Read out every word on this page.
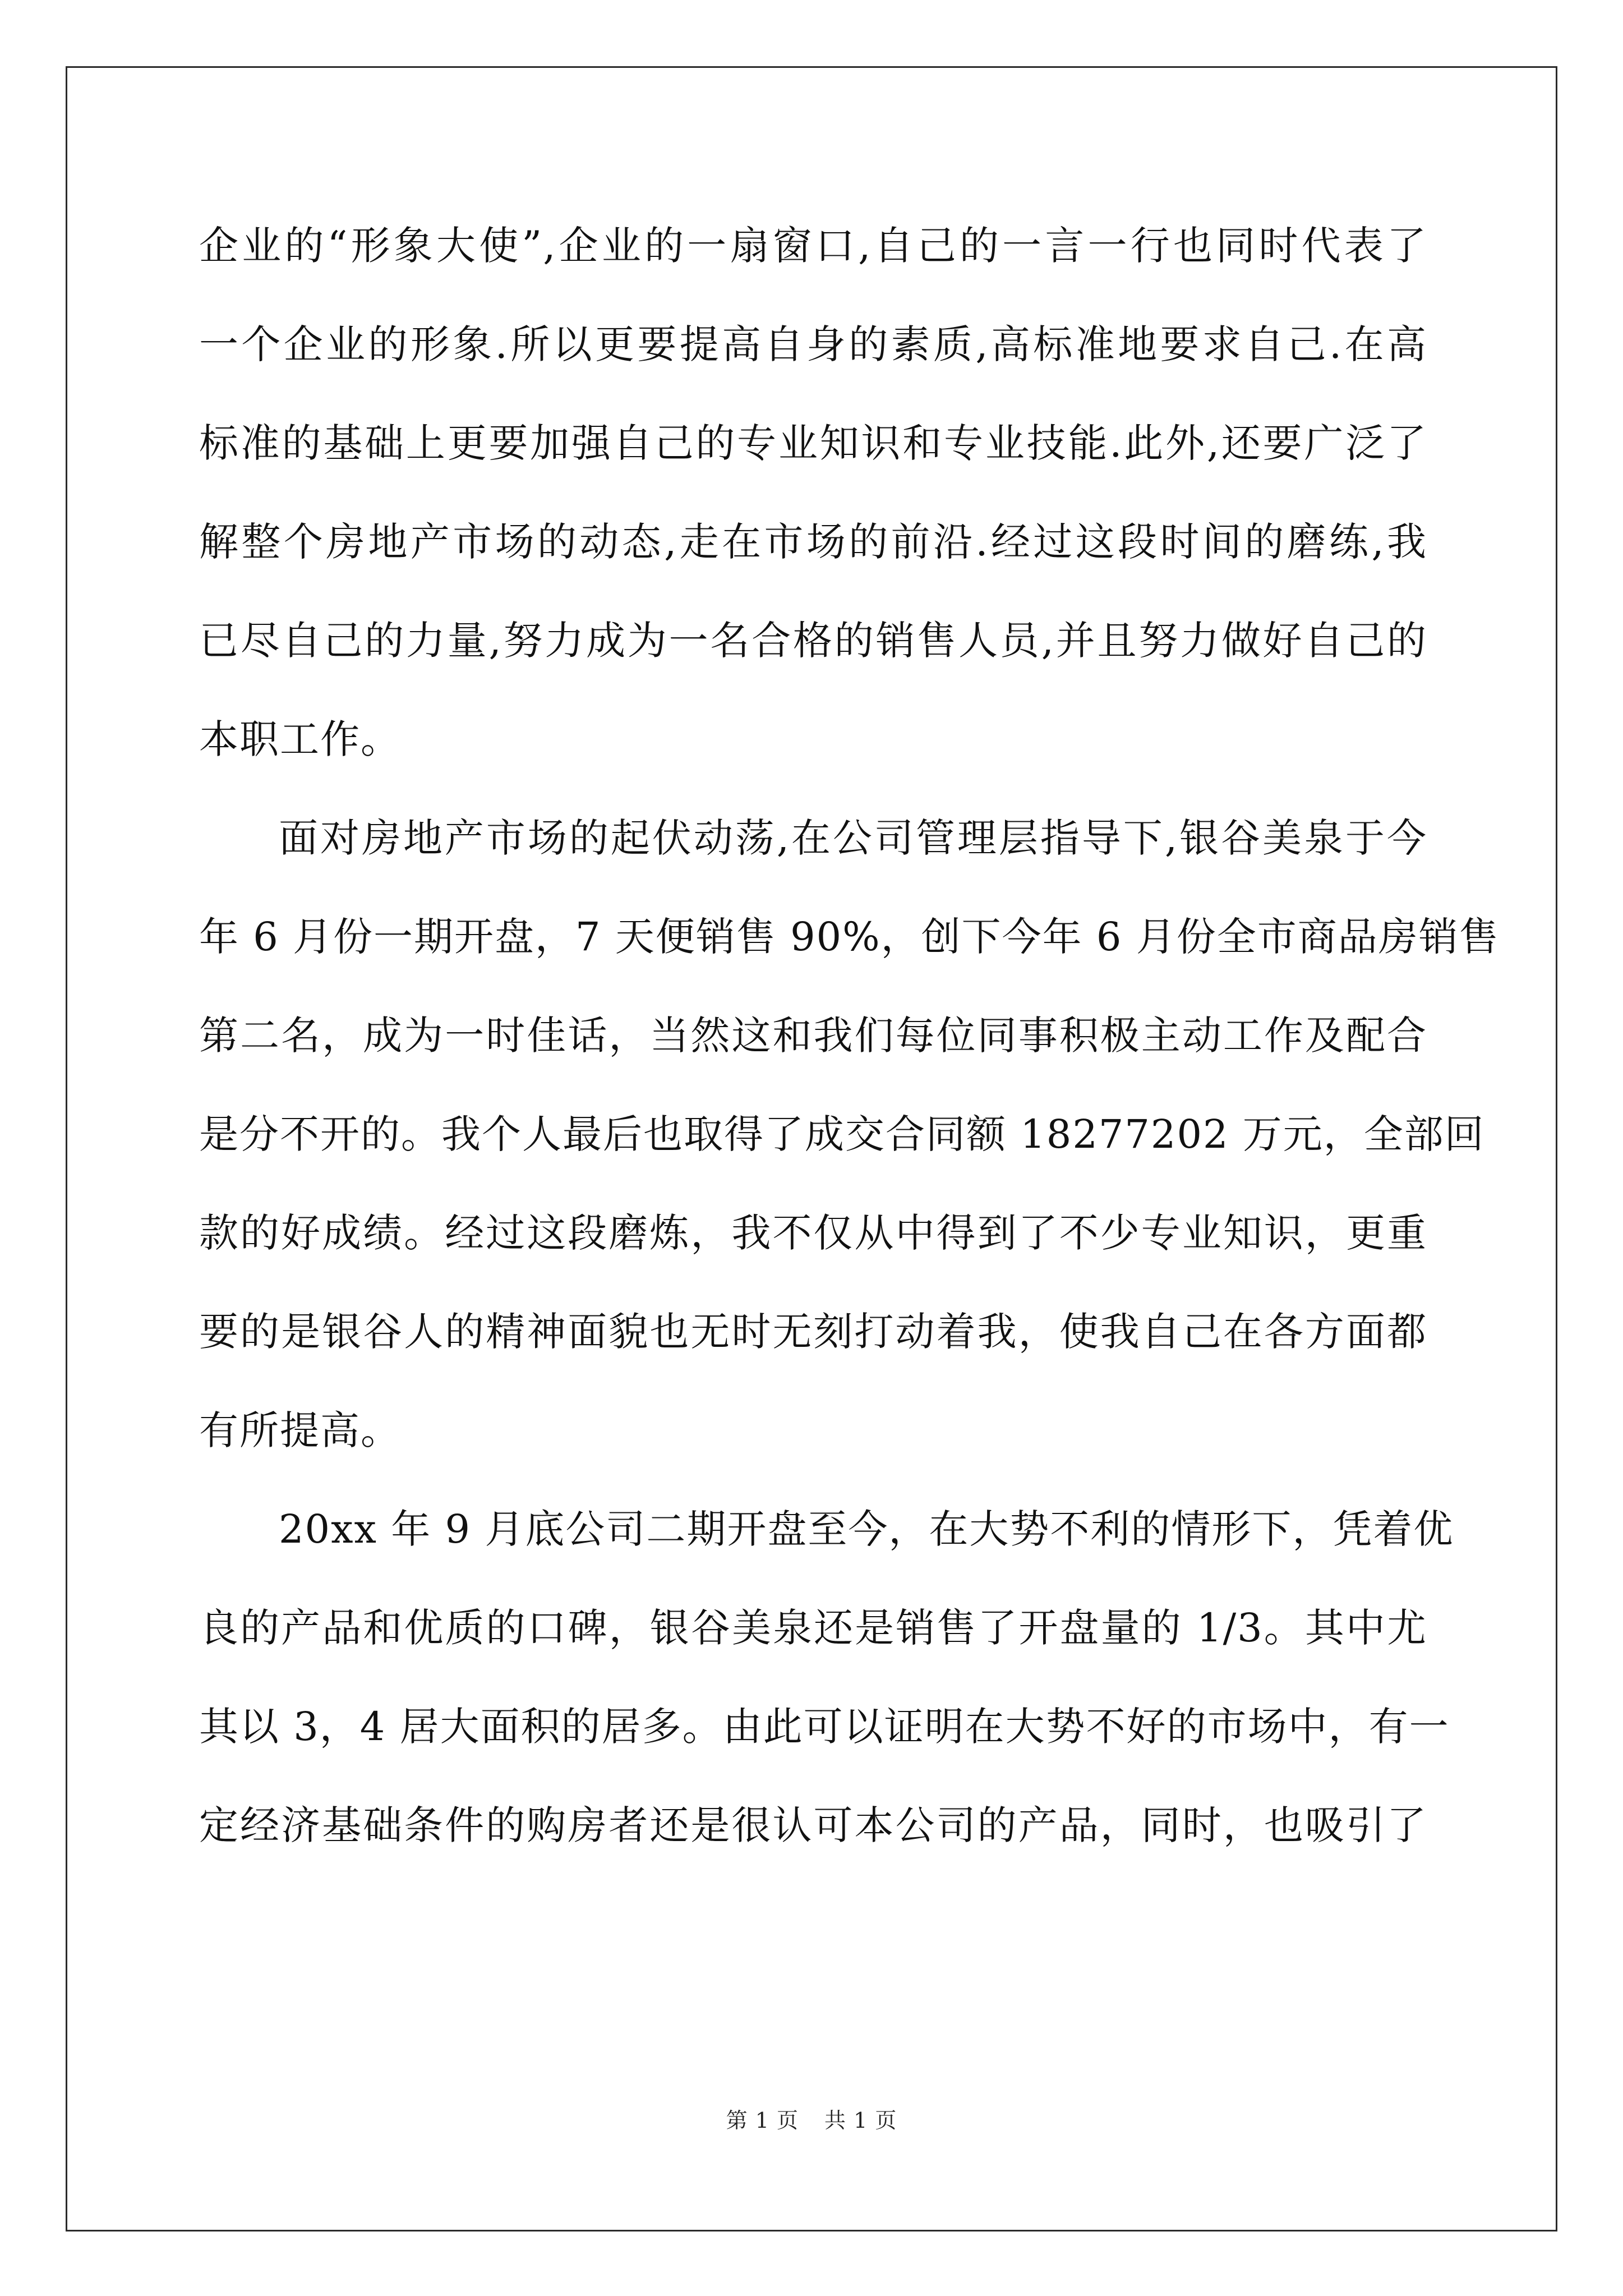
企业的“形象大使”,企业的一扇窗口,自己的一言一行也同时代表了
一个企业的形象.所以更要提高自身的素质,高标准地要求自己.在高
标准的基础上更要加强自己的专业知识和专业技能.此外,还要广泛了
解整个房地产市场的动态,走在市场的前沿.经过这段时间的磨练,我
已尽自己的力量,努力成为一名合格的销售人员,并且努力做好自己的
本职工作。
面对房地产市场的起伏动荡,在公司管理层指导下,银谷美泉于今
年 6 月份一期开盘，7 天便销售 90%，创下今年 6 月份全市商品房销售
第二名，成为一时佳话，当然这和我们每位同事积极主动工作及配合
是分不开的。我个人最后也取得了成交合同额 18277202 万元，全部回
款的好成绩。经过这段磨炼，我不仅从中得到了不少专业知识，更重
要的是银谷人的精神面貌也无时无刻打动着我，使我自己在各方面都
有所提高。
20xx 年 9 月底公司二期开盘至今，在大势不利的情形下，凭着优
良的产品和优质的口碑，银谷美泉还是销售了开盘量的 1/3。其中尤
其以 3，4 居大面积的居多。由此可以证明在大势不好的市场中，有一
定经济基础条件的购房者还是很认可本公司的产品，同时，也吸引了
第 1 页 共 1 页
